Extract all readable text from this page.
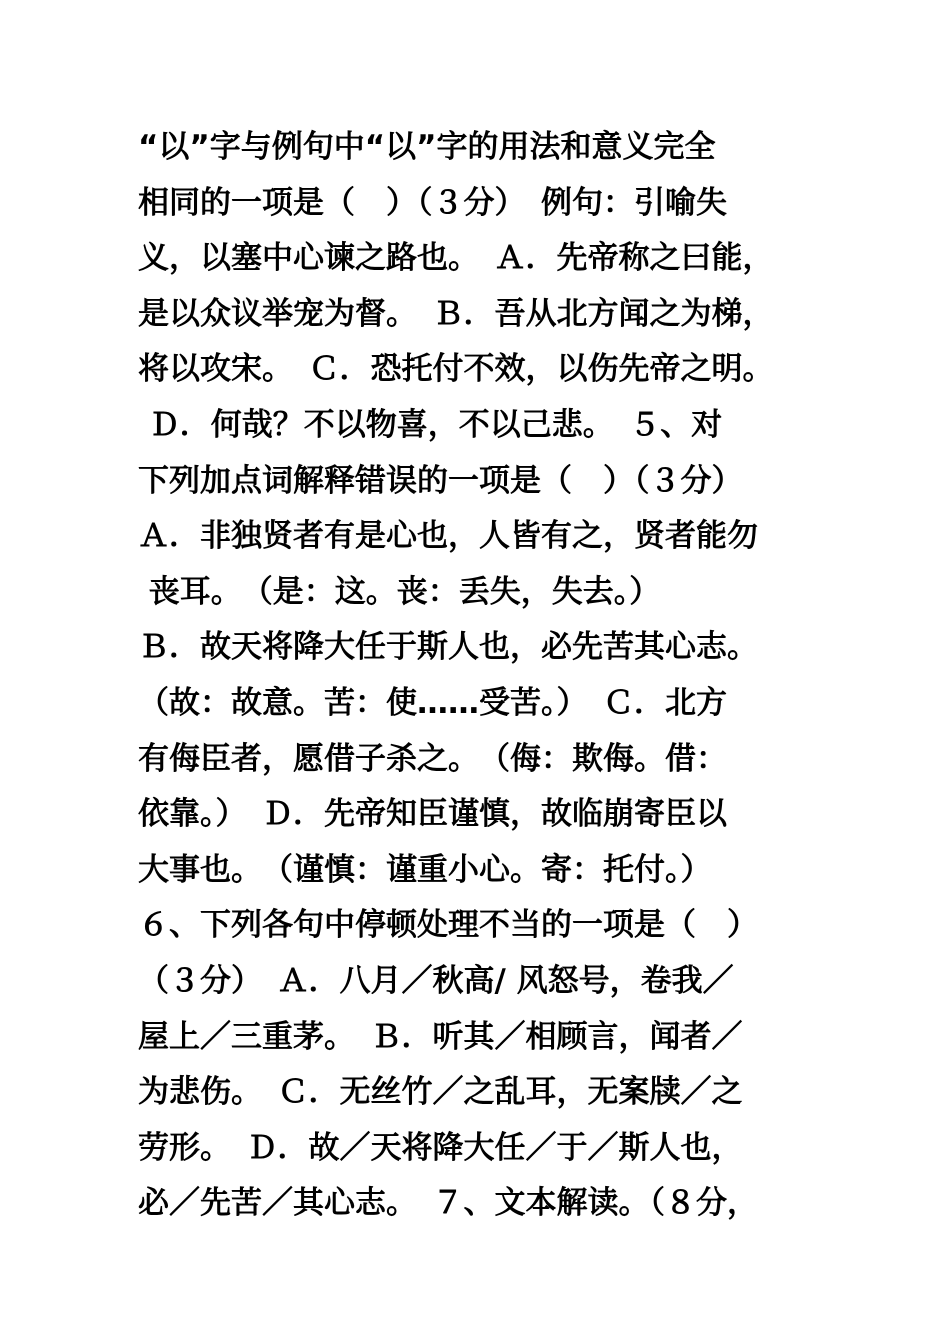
“以”字与例句中“以”字的用法和意义完全
相同的一项是（　）（３分）　例句：引喻失
义，以塞中心谏之路也。　Ａ．先帝称之曰能，
是以众议举宠为督。　Ｂ．吾从北方闻之为梯，
将以攻宋。　Ｃ．恐托付不效，以伤先帝之明。
Ｄ．何哉？不以物喜，不以己悲。　５、对
下列加点词解释错误的一项是（　）（３分）
Ａ．非独贤者有是心也，人皆有之，贤者能勿
丧耳。　（是：这。丧：丢失，失去。）
Ｂ．故天将降大任于斯人也，必先苦其心志。
（故：故意。苦：使……受苦。）　Ｃ．北方
有侮臣者，愿借子杀之。　（侮：欺侮。借：
依靠。）　Ｄ．先帝知臣谨慎，故临崩寄臣以
大事也。　（谨慎：谨重小心。寄：托付。）
６、下列各句中停顿处理不当的一项是（　）
（３分）　Ａ．八月／秋高/ 风怒号，卷我／
屋上／三重茅。　Ｂ．听其／相顾言，闻者／
为悲伤。　Ｃ．无丝竹／之乱耳，无案牍／之
劳形。　Ｄ．故／天将降大任／于／斯人也，
必／先苦／其心志。　７、文本解读。（８分，
